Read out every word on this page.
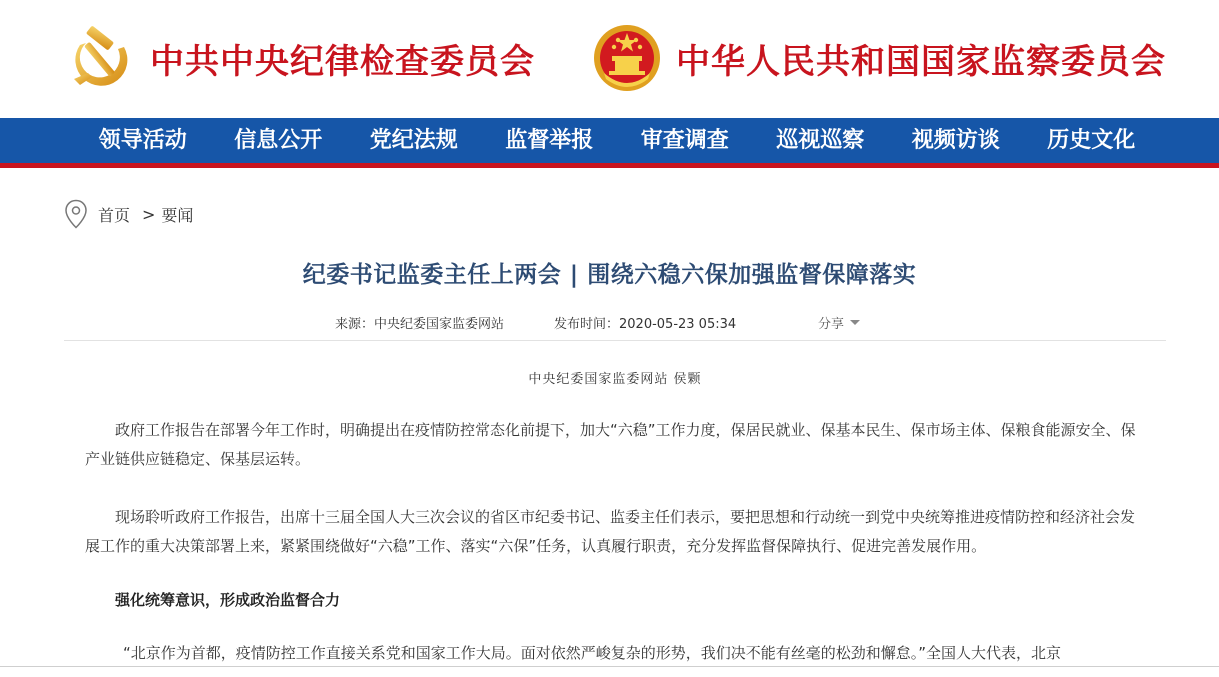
中共中央纪律检查委员会	中华人民共和国国家监察委员会
领导活动	信息公开	党纪法规	监督举报	审查调查	巡视巡察	视频访谈	历史文化
首页 > 要闻
纪委书记监委主任上两会 | 围绕六稳六保加强监督保障落实
来源：中央纪委国家监委网站	发布时间：2020-05-23 05:34	分享
中央纪委国家监委网站 侯颗

政府工作报告在部署今年工作时，明确提出在疫情防控常态化前提下，加大“六稳”工作力度，保居民就业、保基本民生、保市场主体、保粮食能源安全、保产业链供应链稳定、保基层运转。

现场聆听政府工作报告，出席十三届全国人大三次会议的省区市纪委书记、监委主任们表示，要把思想和行动统一到党中央统筹推进疫情防控和经济社会发展工作的重大决策部署上来，紧紧围绕做好“六稳”工作、落实“六保”任务，认真履行职责，充分发挥监督保障执行、促进完善发展作用。

强化统筹意识，形成政治监督合力

“北京作为首都，疫情防控工作直接关系党和国家工作大局。面对依然严峻复杂的形势，我们决不能有丝毫的松劲和懈怠。”全国人大代表，北京
